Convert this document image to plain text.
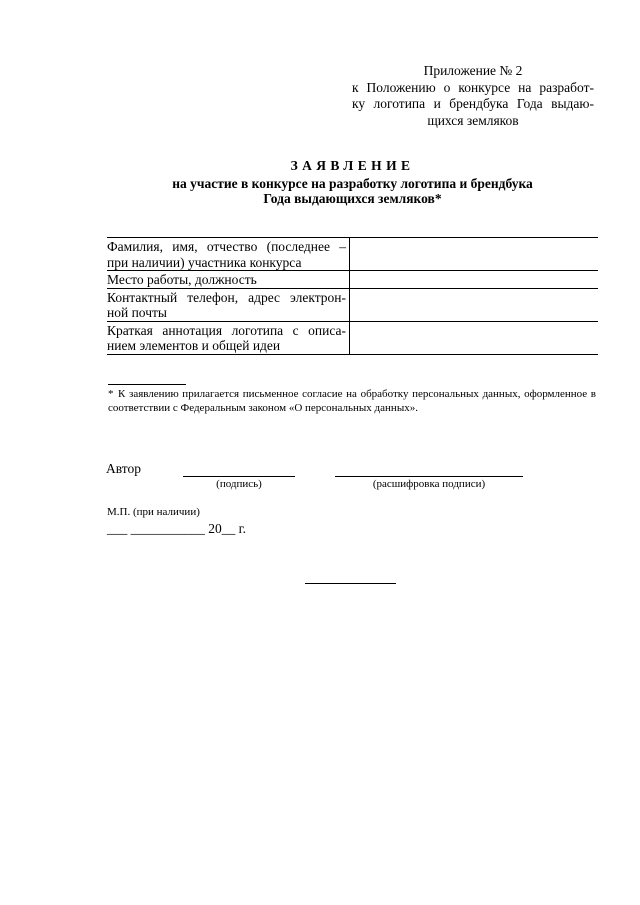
Приложение № 2
к Положению о конкурсе на разработ-
ку логотипа и брендбука Года выдаю-
щихся земляков
ЗАЯВЛЕНИЕ
на участие в конкурсе на разработку логотипа и брендбука
Года выдающихся земляков*
Фамилия, имя, отчество (последнее – при наличии) участника конкурса	
Место работы, должность	
Контактный телефон, адрес электрон-ной почты	
Краткая аннотация логотипа с описа-нием элементов и общей идеи	
* К заявлению прилагается письменное согласие на обработку персональных данных, оформленное в соответствии с Федеральным законом «О персональных данных».
Автор
(подпись)	(расшифровка подписи)
М.П. (при наличии)
___ ___________ 20__ г.
